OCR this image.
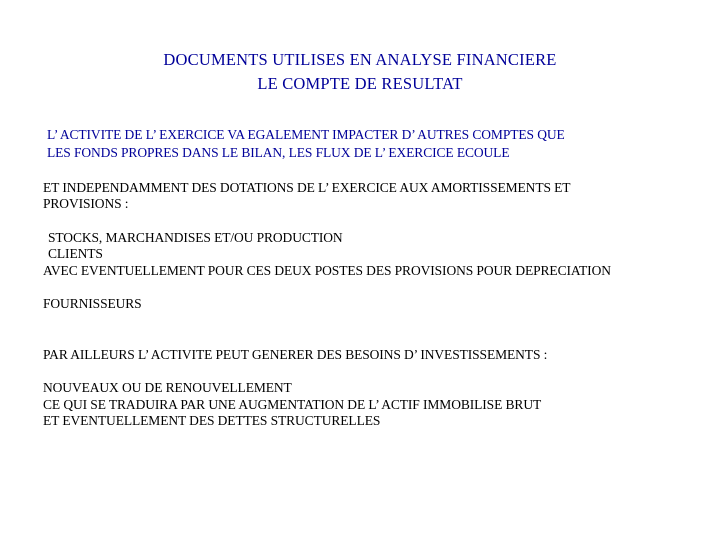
DOCUMENTS UTILISES EN ANALYSE FINANCIERE
LE COMPTE DE RESULTAT
L’ ACTIVITE DE L’ EXERCICE VA EGALEMENT IMPACTER D’ AUTRES COMPTES QUE
LES FONDS PROPRES DANS LE BILAN, LES FLUX DE L’ EXERCICE ECOULE
ET INDEPENDAMMENT DES DOTATIONS DE L’ EXERCICE AUX AMORTISSEMENTS ET
PROVISIONS :
STOCKS, MARCHANDISES ET/OU PRODUCTION
CLIENTS
AVEC EVENTUELLEMENT POUR CES DEUX POSTES DES PROVISIONS POUR DEPRECIATION
FOURNISSEURS
PAR AILLEURS L’ ACTIVITE PEUT GENERER DES BESOINS D’ INVESTISSEMENTS :
NOUVEAUX OU DE RENOUVELLEMENT
CE QUI SE TRADUIRA PAR UNE AUGMENTATION DE L’ ACTIF IMMOBILISE BRUT
ET EVENTUELLEMENT DES DETTES STRUCTURELLES
